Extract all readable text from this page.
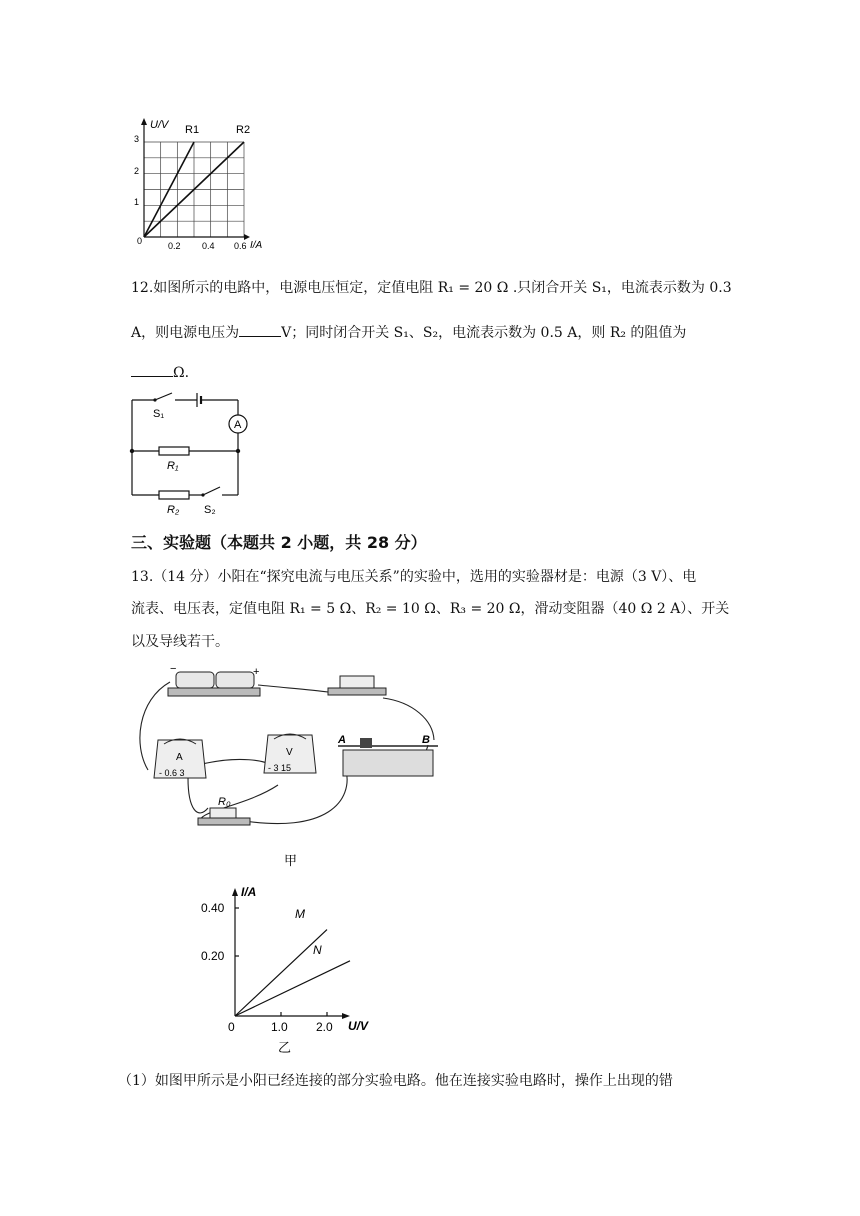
U/V
I/A
0
1
2
3
0.2 0.4 0.6
R1	R2
12.如图所示的电路中，电源电压恒定，定值电阻 R₁ = 20 Ω .只闭合开关 S₁，电流表示数为 0.3
A，则电源电压为	V；同时闭合开关 S₁、S₂，电流表示数为 0.5 A，则 R₂ 的阻值为
Ω.
A
S₁
R₁
R₂ S₂
三、实验题（本题共 2 小题，共 28 分）
13.（14 分）小阳在“探究电流与电压关系”的实验中，选用的实验器材是：电源（3 V）、电
流表、电压表，定值电阻 R₁ = 5 Ω、R₂ = 10 Ω、R₃ = 20 Ω，滑动变阻器（40 Ω 2 A）、开关
以及导线若干。
−	+
A
- 0.6 3
V
- 3 15
A	B
R₀
甲
I/A
U/V
0
0.40
0.20
1.0 2.0
M
N
乙
（1）如图甲所示是小阳已经连接的部分实验电路。他在连接实验电路时，操作上出现的错
